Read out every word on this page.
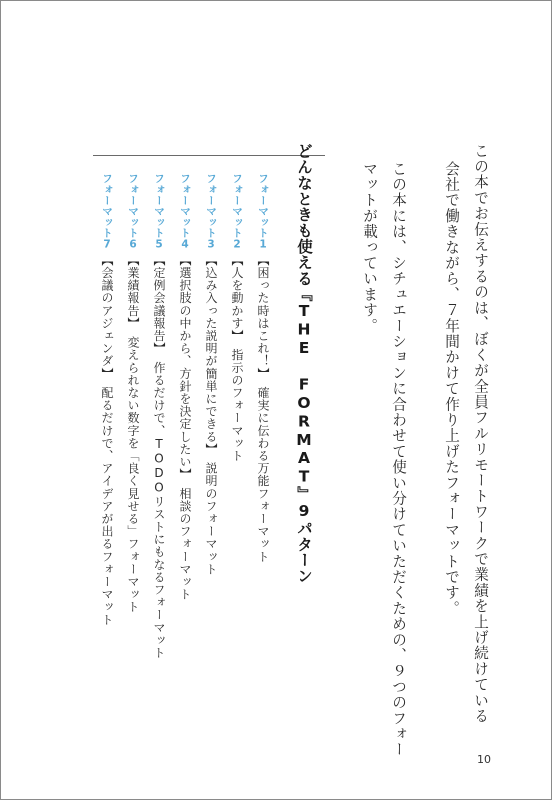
この本でお伝えするのは、ぼくが全員フルリモートワークで業績を上げ続けている
会社で働きながら、７年間かけて作り上げたフォーマットです。
この本には、シチュエーションに合わせて使い分けていただくための、９つのフォー
マットが載っています。
どんなときも使える『THE FORMAT』9パターン
フォーマット1【困った時はこれ！】　確実に伝わる万能フォーマット
フォーマット2【人を動かす】　指示のフォーマット
フォーマット3【込み入った説明が簡単にできる】　説明のフォーマット
フォーマット4【選択肢の中から、方針を決定したい】　相談のフォーマット
フォーマット5【定例会議報告】　作るだけで、TODOリストにもなるフォーマット
フォーマット6【業績報告】　変えられない数字を「良く見せる」フォーマット
フォーマット7【会議のアジェンダ】　配るだけで、アイデアが出るフォーマット
10
